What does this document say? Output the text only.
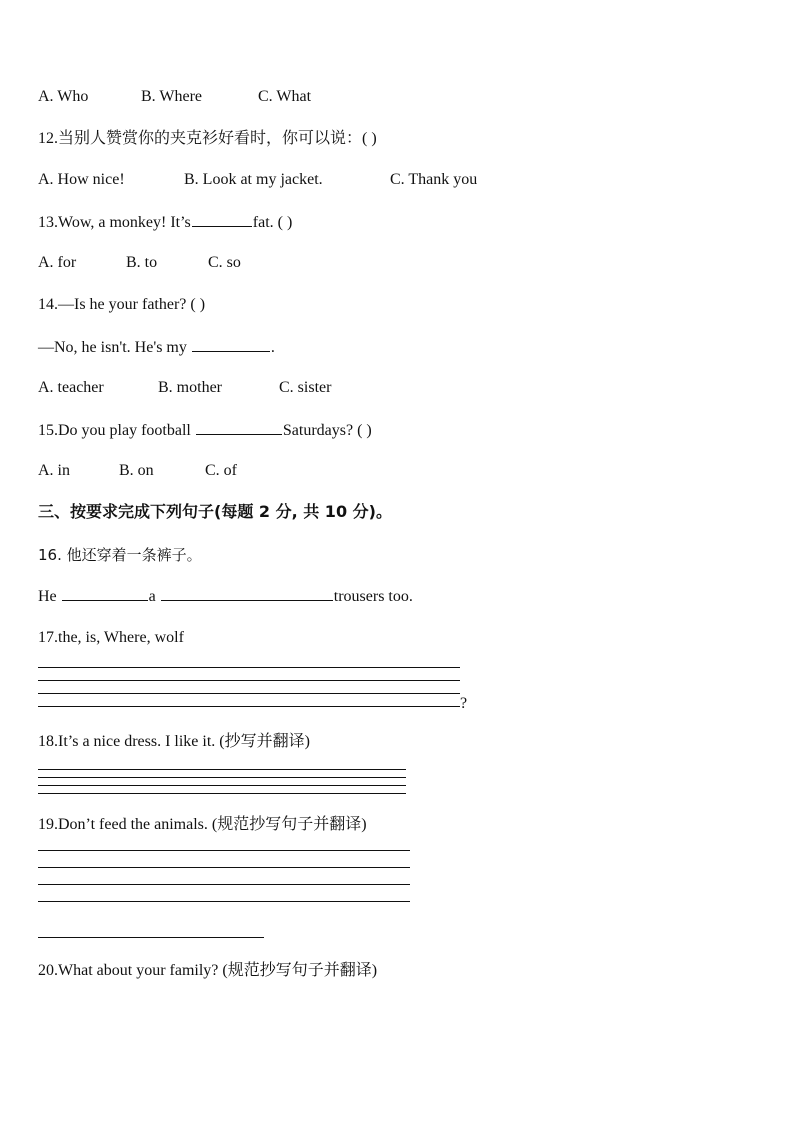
A. Who	B. Where	C. What
12.当别人赞赏你的夹克衫好看时，你可以说：( )
A. How nice!	B. Look at my jacket.	C. Thank you
13.Wow, a monkey! It’s	fat. ( )
A. for	B. to	C. so
14.—Is he your father? ( )
—No, he isn't. He's my	.
A. teacher	B. mother	C. sister
15.Do you play football	Saturdays? ( )
A. in	B. on	C. of
三、按要求完成下列句子(每题 2 分, 共 10 分)。
16. 他还穿着一条裤子。
He	a	trousers too.
17.the, is, Where, wolf
?
18.It’s a nice dress. I like it. (抄写并翻译)
19.Don’t feed the animals. (规范抄写句子并翻译)
20.What about your family? (规范抄写句子并翻译)
